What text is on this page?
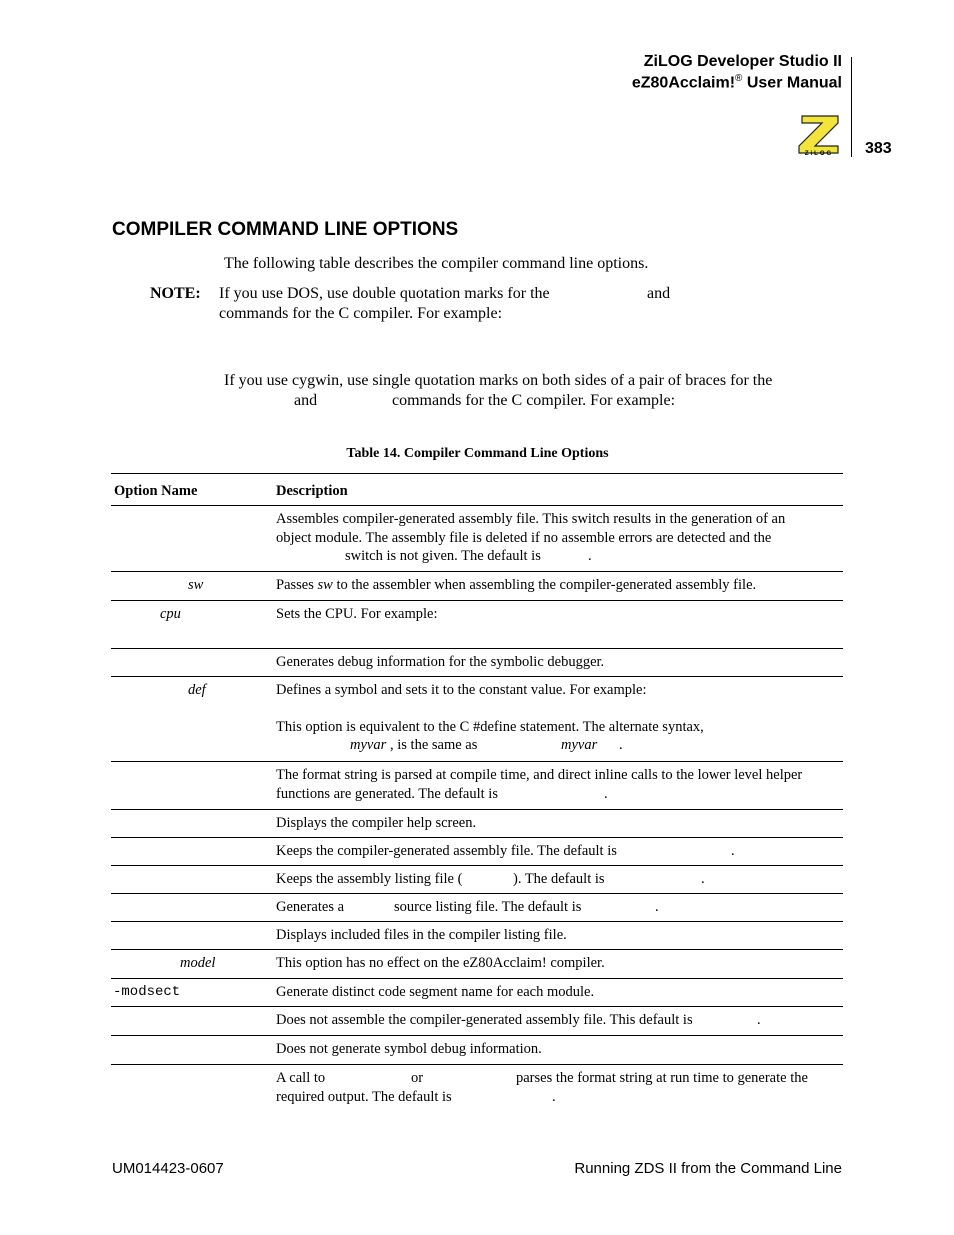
ZiLOG Developer Studio II
eZ80Acclaim!® User Manual
383
ZiLOG
COMPILER COMMAND LINE OPTIONS
The following table describes the compiler command line options.
NOTE: If you use DOS, use double quotation marks for the	and
commands for the C compiler. For example:
If you use cygwin, use single quotation marks on both sides of a pair of braces for the
and	commands for the C compiler. For example:
Table 14. Compiler Command Line Options
Option Name	Description
Assembles compiler-generated assembly file. This switch results in the generation of an
object module. The assembly file is deleted if no assemble errors are detected and the
switch is not given. The default is	.
sw	Passes sw to the assembler when assembling the compiler-generated assembly file.
cpu	Sets the CPU. For example:
Generates debug information for the symbolic debugger.
def	Defines a symbol and sets it to the constant value. For example:
This option is equivalent to the C #define statement. The alternate syntax,
myvar , is the same as	myvar .
The format string is parsed at compile time, and direct inline calls to the lower level helper
functions are generated. The default is	.
Displays the compiler help screen.
Keeps the compiler-generated assembly file. The default is	.
Keeps the assembly listing file (	). The default is	.
Generates a	source listing file. The default is	.
Displays included files in the compiler listing file.
model	This option has no effect on the eZ80Acclaim! compiler.
-modsect	Generate distinct code segment name for each module.
Does not assemble the compiler-generated assembly file. This default is	.
Does not generate symbol debug information.
A call to	or	parses the format string at run time to generate the
required output. The default is	.
UM014423-0607	Running ZDS II from the Command Line
